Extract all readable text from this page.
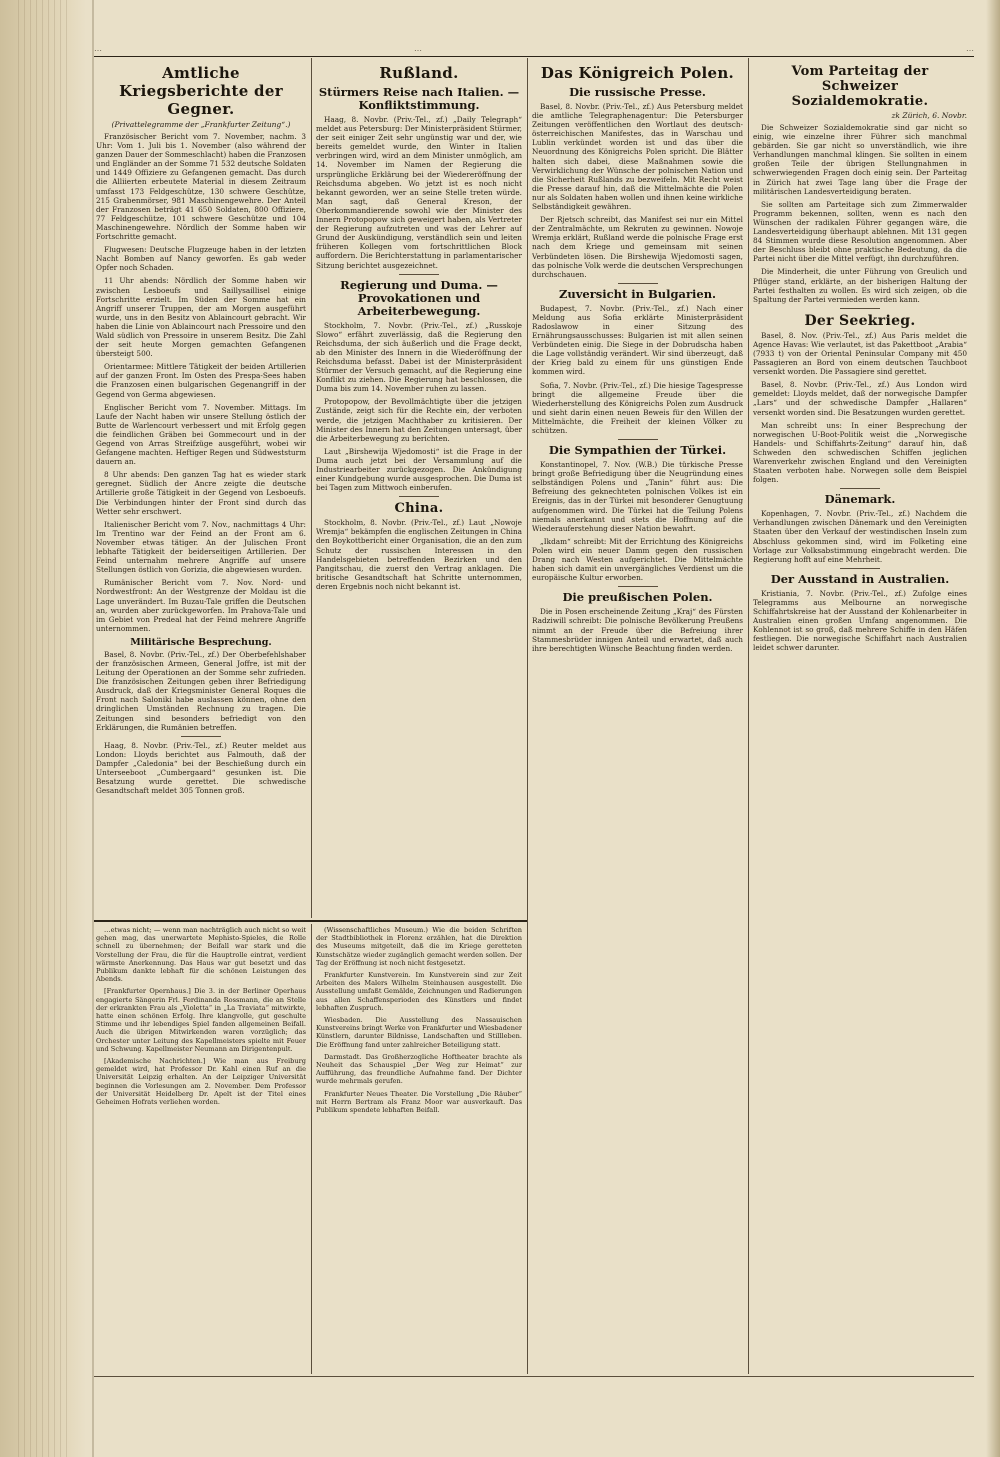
…	…	…
Amtliche Kriegsberichte der Gegner.
(Privattelegramme der „Frankfurter Zeitung“.)

Französischer Bericht vom 7. November, nachm. 3 Uhr: Vom 1. Juli bis 1. November (also während der ganzen Dauer der Sommeschlacht) haben die Franzosen und Engländer an der Somme 71 532 deutsche Soldaten und 1449 Offiziere zu Gefangenen gemacht. Das durch die Alliierten erbeutete Material in diesem Zeitraum umfasst 173 Feldgeschütze, 130 schwere Geschütze, 215 Grabenmörser, 981 Maschinengewehre. Der Anteil der Franzosen beträgt 41 650 Soldaten, 800 Offiziere, 77 Feldgeschütze, 101 schwere Geschütze und 104 Maschinengewehre. Nördlich der Somme haben wir Fortschritte gemacht.

Flugwesen: Deutsche Flugzeuge haben in der letzten Nacht Bomben auf Nancy geworfen. Es gab weder Opfer noch Schaden.

11 Uhr abends: Nördlich der Somme haben wir zwischen Lesboeufs und Saillysaillisel einige Fortschritte erzielt. Im Süden der Somme hat ein Angriff unserer Truppen, der am Morgen ausgeführt wurde, uns in den Besitz von Ablaincourt gebracht. Wir haben die Linie von Ablaincourt nach Pressoire und den Wald südlich von Pressoire in unserem Besitz. Die Zahl der seit heute Morgen gemachten Gefangenen übersteigt 500.

Orientarmee: Mittlere Tätigkeit der beiden Artillerien auf der ganzen Front. Im Osten des Prespa-Sees haben die Franzosen einen bulgarischen Gegenangriff in der Gegend von Germa abgewiesen.

Englischer Bericht vom 7. November. Mittags. Im Laufe der Nacht haben wir unsere Stellung östlich der Butte de Warlencourt verbessert und mit Erfolg gegen die feindlichen Gräben bei Gommecourt und in der Gegend von Arras Streifzüge ausgeführt, wobei wir Gefangene machten. Heftiger Regen und Südweststurm dauern an.

8 Uhr abends: Den ganzen Tag hat es wieder stark geregnet. Südlich der Ancre zeigte die deutsche Artillerie große Tätigkeit in der Gegend von Lesboeufs. Die Verbindungen hinter der Front sind durch das Wetter sehr erschwert.

Italienischer Bericht vom 7. Nov., nachmittags 4 Uhr: Im Trentino war der Feind an der Front am 6. November etwas tätiger. An der Julischen Front lebhafte Tätigkeit der beiderseitigen Artillerien. Der Feind unternahm mehrere Angriffe auf unsere Stellungen östlich von Gorizia, die abgewiesen wurden.

Rumänischer Bericht vom 7. Nov. Nord- und Nordwestfront: An der Westgrenze der Moldau ist die Lage unverändert. Im Buzau-Tale griffen die Deutschen an, wurden aber zurückgeworfen. Im Prahova-Tale und im Gebiet von Predeal hat der Feind mehrere Angriffe unternommen.

Militärische Besprechung.

Basel, 8. Novbr. (Priv.-Tel., zf.) Der Oberbefehlshaber der französischen Armeen, General Joffre, ist mit der Leitung der Operationen an der Somme sehr zufrieden. Die französischen Zeitungen geben ihrer Befriedigung Ausdruck, daß der Kriegsminister General Roques die Front nach Saloniki habe auslassen können, ohne den dringlichen Umständen Rechnung zu tragen. Die Zeitungen sind besonders befriedigt von den Erklärungen, die Rumänien betreffen.

Haag, 8. Novbr. (Priv.-Tel., zf.) Reuter meldet aus London: Lloyds berichtet aus Falmouth, daß der Dampfer „Caledonia“ bei der Beschießung durch ein Unterseeboot „Cumbergaard“ gesunken ist. Die Besatzung wurde gerettet. Die schwedische Gesandtschaft meldet 305 Tonnen groß.

Rußland.
Stürmers Reise nach Italien. — Konfliktstimmung.

Haag, 8. Novbr. (Priv.-Tel., zf.) „Daily Telegraph“ meldet aus Petersburg: Der Ministerpräsident Stürmer, der seit einiger Zeit sehr ungünstig war und der, wie bereits gemeldet wurde, den Winter in Italien verbringen wird, wird an dem Minister unmöglich, am 14. November im Namen der Regierung die ursprüngliche Erklärung bei der Wiedereröffnung der Reichsduma abgeben. Wo jetzt ist es noch nicht bekannt geworden, wer an seine Stelle treten würde. Man sagt, daß General Kreson, der Oberkommandierende sowohl wie der Minister des Innern Protopopow sich geweigert haben, als Vertreter der Regierung aufzutreten und was der Lehrer auf Grund der Auskündigung, verständlich sein und leiten früheren Kollegen vom fortschrittlichen Block auffordern. Die Berichterstattung in parlamentarischer Sitzung berichtet ausgezeichnet.

Regierung und Duma. — Provokationen und Arbeiterbewegung.

Stockholm, 7. Novbr. (Priv.-Tel., zf.) „Russkoje Slowo“ erfährt zuverlässig, daß die Regierung den Reichsduma, der sich äußerlich und die Frage deckt, ab den Minister des Innern in die Wiederöffnung der Reichsduma befasst. Dabei ist der Ministerpräsident Stürmer der Versuch gemacht, auf die Regierung eine Konflikt zu ziehen. Die Regierung hat beschlossen, die Duma bis zum 14. November ruhen zu lassen.

Protopopow, der Bevollmächtigte über die jetzigen Zustände, zeigt sich für die Rechte ein, der verboten werde, die jetzigen Machthaber zu kritisieren. Der Minister des Innern hat den Zeitungen untersagt, über die Arbeiterbewegung zu berichten.

Laut „Birshewija Wjedomosti“ ist die Frage in der Duma auch jetzt bei der Versammlung auf die Industriearbeiter zurückgezogen. Die Ankündigung einer Kundgebung wurde ausgesprochen. Die Duma ist bei Tagen zum Mittwoch einberufen.

China.

Stockholm, 8. Novbr. (Priv.-Tel., zf.) Laut „Nowoje Wremja“ bekämpfen die englischen Zeitungen in China den Boykottbericht einer Organisation, die an den zum Schutz der russischen Interessen in den Handelsgebieten betreffenden Bezirken und den Pangitschau, die zuerst den Vertrag anklagen. Die britische Gesandtschaft hat Schritte unternommen, deren Ergebnis noch nicht bekannt ist.

Das Königreich Polen.
Die russische Presse.

Basel, 8. Novbr. (Priv.-Tel., zf.) Aus Petersburg meldet die amtliche Telegraphenagentur: Die Petersburger Zeitungen veröffentlichen den Wortlaut des deutsch-österreichischen Manifestes, das in Warschau und Lublin verkündet worden ist und das über die Neuordnung des Königreichs Polen spricht. Die Blätter halten sich dabei, diese Maßnahmen sowie die Verwirklichung der Wünsche der polnischen Nation und die Sicherheit Rußlands zu bezweifeln. Mit Recht weist die Presse darauf hin, daß die Mittelmächte die Polen nur als Soldaten haben wollen und ihnen keine wirkliche Selbständigkeit gewähren.

Der Rjetsch schreibt, das Manifest sei nur ein Mittel der Zentralmächte, um Rekruten zu gewinnen. Nowoje Wremja erklärt, Rußland werde die polnische Frage erst nach dem Kriege und gemeinsam mit seinen Verbündeten lösen. Die Birshewija Wjedomosti sagen, das polnische Volk werde die deutschen Versprechungen durchschauen.

Zuversicht in Bulgarien.

Budapest, 7. Novbr. (Priv.-Tel., zf.) Nach einer Meldung aus Sofia erklärte Ministerpräsident Radoslawow in einer Sitzung des Ernährungsausschusses: Bulgarien ist mit allen seinen Verbündeten einig. Die Siege in der Dobrudscha haben die Lage vollständig verändert. Wir sind überzeugt, daß der Krieg bald zu einem für uns günstigen Ende kommen wird.

Sofia, 7. Novbr. (Priv.-Tel., zf.) Die hiesige Tagespresse bringt die allgemeine Freude über die Wiederherstellung des Königreichs Polen zum Ausdruck und sieht darin einen neuen Beweis für den Willen der Mittelmächte, die Freiheit der kleinen Völker zu schützen.

Die Sympathien der Türkei.

Konstantinopel, 7. Nov. (W.B.) Die türkische Presse bringt große Befriedigung über die Neugründung eines selbständigen Polens und „Tanin“ führt aus: Die Befreiung des geknechteten polnischen Volkes ist ein Ereignis, das in der Türkei mit besonderer Genugtuung aufgenommen wird. Die Türkei hat die Teilung Polens niemals anerkannt und stets die Hoffnung auf die Wiederauferstehung dieser Nation bewahrt.

„Ikdam“ schreibt: Mit der Errichtung des Königreichs Polen wird ein neuer Damm gegen den russischen Drang nach Westen aufgerichtet. Die Mittelmächte haben sich damit ein unvergängliches Verdienst um die europäische Kultur erworben.

Die preußischen Polen.

Die in Posen erscheinende Zeitung „Kraj“ des Fürsten Radziwill schreibt: Die polnische Bevölkerung Preußens nimmt an der Freude über die Befreiung ihrer Stammesbrüder innigen Anteil und erwartet, daß auch ihre berechtigten Wünsche Beachtung finden werden.

Vom Parteitag der Schweizer Sozialdemokratie.
zk Zürich, 6. Novbr.

Die Schweizer Sozialdemokratie sind gar nicht so einig, wie einzelne ihrer Führer sich manchmal gebärden. Sie gar nicht so unverständlich, wie ihre Verhandlungen manchmal klingen. Sie sollten in einem großen Teile der übrigen Stellungnahmen in schwerwiegenden Fragen doch einig sein. Der Parteitag in Zürich hat zwei Tage lang über die Frage der militärischen Landesverteidigung beraten.

Sie sollten am Parteitage sich zum Zimmerwalder Programm bekennen, sollten, wenn es nach den Wünschen der radikalen Führer gegangen wäre, die Landesverteidigung überhaupt ablehnen. Mit 131 gegen 84 Stimmen wurde diese Resolution angenommen. Aber der Beschluss bleibt ohne praktische Bedeutung, da die Partei nicht über die Mittel verfügt, ihn durchzuführen.

Die Minderheit, die unter Führung von Greulich und Pflüger stand, erklärte, an der bisherigen Haltung der Partei festhalten zu wollen. Es wird sich zeigen, ob die Spaltung der Partei vermieden werden kann.

Der Seekrieg.

Basel, 8. Nov. (Priv.-Tel., zf.) Aus Paris meldet die Agence Havas: Wie verlautet, ist das Pakettboot „Arabia“ (7933 t) von der Oriental Peninsular Company mit 450 Passagieren an Bord von einem deutschen Tauchboot versenkt worden. Die Passagiere sind gerettet.

Basel, 8. Novbr. (Priv.-Tel., zf.) Aus London wird gemeldet: Lloyds meldet, daß der norwegische Dampfer „Lars“ und der schwedische Dampfer „Hallaren“ versenkt worden sind. Die Besatzungen wurden gerettet.

Man schreibt uns: In einer Besprechung der norwegischen U-Boot-Politik weist die „Norwegische Handels- und Schiffahrts-Zeitung“ darauf hin, daß Schweden den schwedischen Schiffen jeglichen Warenverkehr zwischen England und den Vereinigten Staaten verboten habe. Norwegen solle dem Beispiel folgen.

Dänemark.

Kopenhagen, 7. Novbr. (Priv.-Tel., zf.) Nachdem die Verhandlungen zwischen Dänemark und den Vereinigten Staaten über den Verkauf der westindischen Inseln zum Abschluss gekommen sind, wird im Folketing eine Vorlage zur Volksabstimmung eingebracht werden. Die Regierung hofft auf eine Mehrheit.

Der Ausstand in Australien.

Kristiania, 7. Novbr. (Priv.-Tel., zf.) Zufolge eines Telegramms aus Melbourne an norwegische Schiffahrtskreise hat der Ausstand der Kohlenarbeiter in Australien einen großen Umfang angenommen. Die Kohlennot ist so groß, daß mehrere Schiffe in den Häfen festliegen. Die norwegische Schiffahrt nach Australien leidet schwer darunter.

…etwas nicht; — wenn man nachträglich auch nicht so weit gehen mag, das unerwartete Mephisto-Spieles, die Rolle schnell zu übernehmen; der Beifall war stark und die Vorstellung der Frau, die für die Hauptrolle eintrat, verdient wärmste Anerkennung. Das Haus war gut besetzt und das Publikum dankte lebhaft für die schönen Leistungen des Abends.

[Frankfurter Opernhaus.] Die 3. in der Berliner Operhaus engagierte Sängerin Frl. Ferdinanda Rossmann, die an Stelle der erkrankten Frau als „Violetta“ in „La Traviata“ mitwirkte, hatte einen schönen Erfolg. Ihre klangvolle, gut geschulte Stimme und ihr lebendiges Spiel fanden allgemeinen Beifall. Auch die übrigen Mitwirkenden waren vorzüglich; das Orchester unter Leitung des Kapellmeisters spielte mit Feuer und Schwung. Kapellmeister Neumann am Dirigentenpult.

[Akademische Nachrichten.] Wie man aus Freiburg gemeldet wird, hat Professor Dr. Kahl einen Ruf an die Universität Leipzig erhalten. An der Leipziger Universität beginnen die Vorlesungen am 2. November. Dem Professor der Universität Heidelberg Dr. Apelt ist der Titel eines Geheimen Hofrats verliehen worden.

(Wissenschaftliches Museum.) Wie die beiden Schriften der Stadtbibliothek in Florenz erzählen, hat die Direktion des Museums mitgeteilt, daß die im Kriege geretteten Kunstschätze wieder zugänglich gemacht werden sollen. Der Tag der Eröffnung ist noch nicht festgesetzt.

Frankfurter Kunstverein. Im Kunstverein sind zur Zeit Arbeiten des Malers Wilhelm Steinhausen ausgestellt. Die Ausstellung umfaßt Gemälde, Zeichnungen und Radierungen aus allen Schaffensperioden des Künstlers und findet lebhaften Zuspruch.

Wiesbaden. Die Ausstellung des Nassauischen Kunstvereins bringt Werke von Frankfurter und Wiesbadener Künstlern, darunter Bildnisse, Landschaften und Stillleben. Die Eröffnung fand unter zahlreicher Beteiligung statt.

Darmstadt. Das Großherzogliche Hoftheater brachte als Neuheit das Schauspiel „Der Weg zur Heimat“ zur Aufführung, das freundliche Aufnahme fand. Der Dichter wurde mehrmals gerufen.

Frankfurter Neues Theater. Die Vorstellung „Die Räuber“ mit Herrn Bertram als Franz Moor war ausverkauft. Das Publikum spendete lebhaften Beifall.
